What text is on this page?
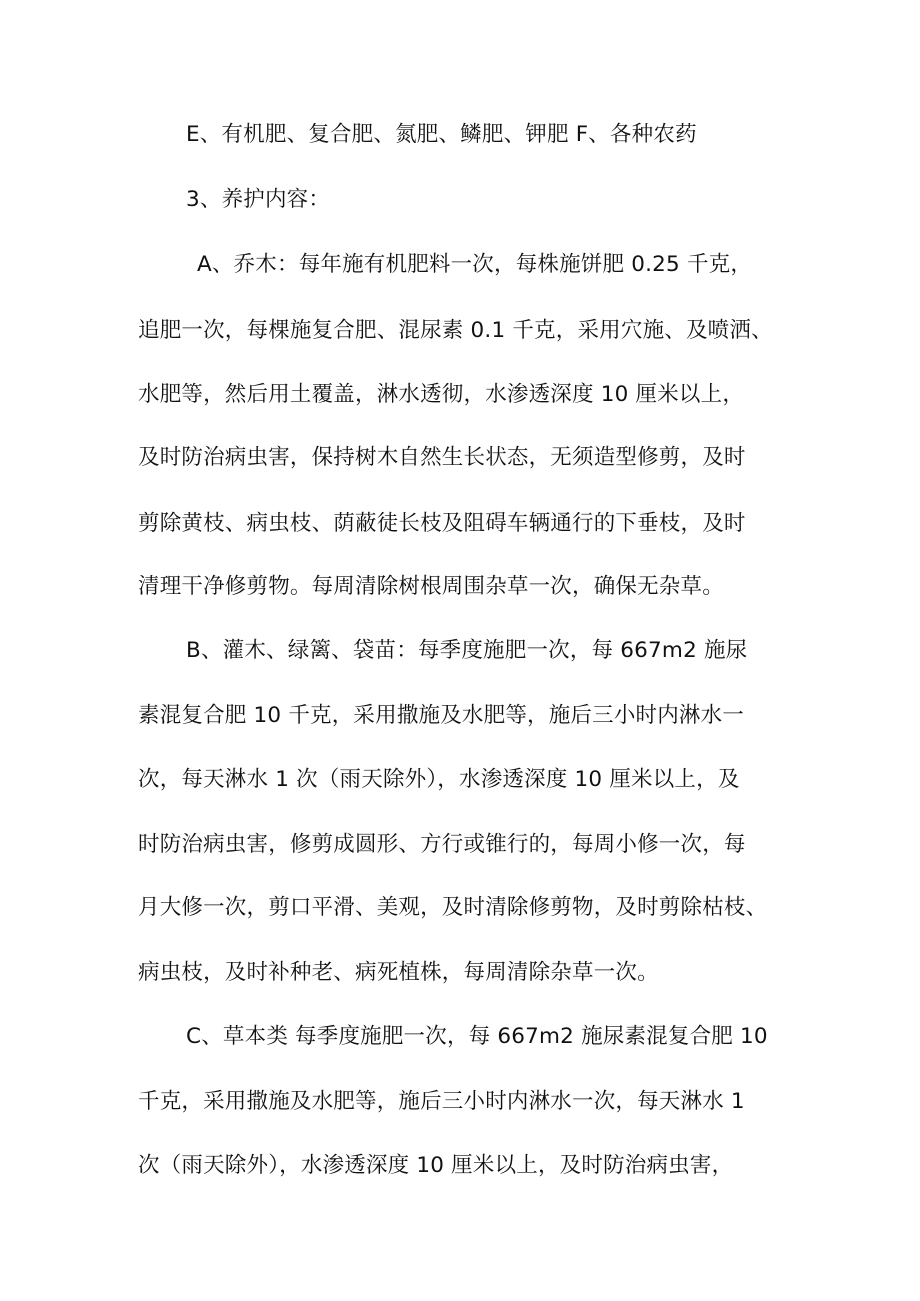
E、有机肥、复合肥、氮肥、鳞肥、钾肥 F、各种农药
3、养护内容：
A、乔木：每年施有机肥料一次，每株施饼肥 0.25 千克，
追肥一次，每棵施复合肥、混尿素 0.1 千克，采用穴施、及喷洒、
水肥等，然后用土覆盖，淋水透彻，水渗透深度 10 厘米以上，
及时防治病虫害，保持树木自然生长状态，无须造型修剪，及时
剪除黄枝、病虫枝、荫蔽徒长枝及阻碍车辆通行的下垂枝，及时
清理干净修剪物。每周清除树根周围杂草一次，确保无杂草。
B、灌木、绿篱、袋苗：每季度施肥一次，每 667m2 施尿
素混复合肥 10 千克，采用撒施及水肥等，施后三小时内淋水一
次，每天淋水 1 次（雨天除外），水渗透深度 10 厘米以上，及
时防治病虫害，修剪成圆形、方行或锥行的，每周小修一次，每
月大修一次，剪口平滑、美观，及时清除修剪物，及时剪除枯枝、
病虫枝，及时补种老、病死植株，每周清除杂草一次。
C、草本类 每季度施肥一次，每 667m2 施尿素混复合肥 10
千克，采用撒施及水肥等，施后三小时内淋水一次，每天淋水 1
次（雨天除外），水渗透深度 10 厘米以上，及时防治病虫害，
